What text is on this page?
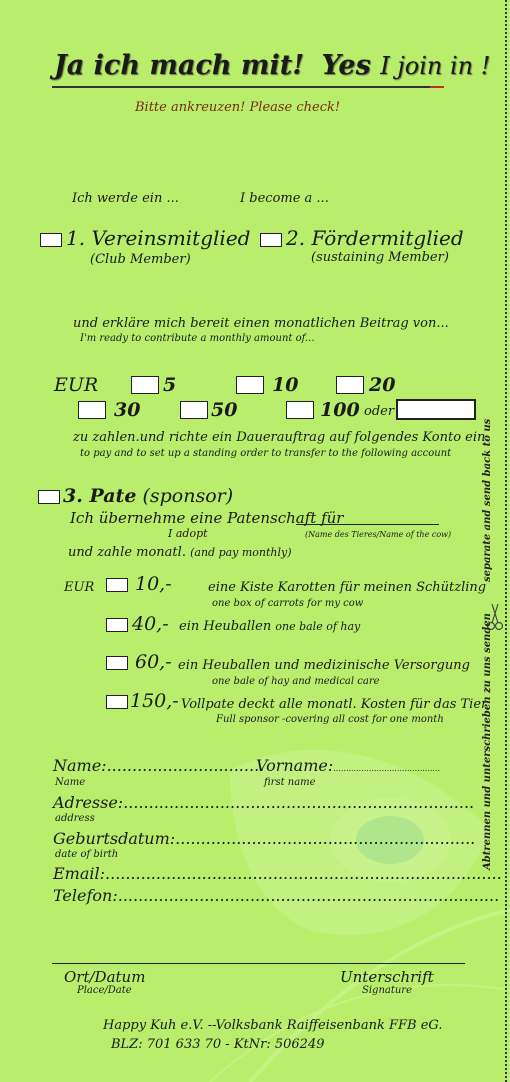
Ja ich mach mit! Yes I join in !
Bitte ankreuzen! Please check!
Ich werde ein ...	I become a ...
1. Vereinsmitglied
(Club Member)
2. Fördermitglied
(sustaining Member)
und erkläre mich bereit einen monatlichen Beitrag von...
I'm ready to contribute a monthly amount of...
EUR	5	10	20
30	50	100 oder
zu zahlen.und richte ein Dauerauftrag auf folgendes Konto ein.
to pay and to set up a standing order to transfer to the following account
3. Pate (sponsor)
Ich übernehme eine Patenschaft für
I adopt	(Name des Tieres/Name of the cow)
und zahle monatl. (and pay monthly)
EUR 10,-	eine Kiste Karotten für meinen Schützling
one box of carrots for my cow
40,- ein Heuballen one bale of hay
60,- ein Heuballen und medizinische Versorgung
one bale of hay and medical care
150,- Vollpate deckt alle monatl. Kosten für das Tier
Full sponsor -covering all cost for one month
Name:...............................
Vorname:..........................................
Name	first name
Adresse:.....................................................................
address
Geburtsdatum:...........................................................
date of birth
Email:..............................................................................
Telefon:...........................................................................
Ort/Datum
Place/Date
Unterschrift
Signature
Happy Kuh e.V. --Volksbank Raiffeisenbank FFB eG.
BLZ: 701 633 70 - KtNr: 506249
separate and send back to us
Abtrennen und unterschrieben zu uns senden
